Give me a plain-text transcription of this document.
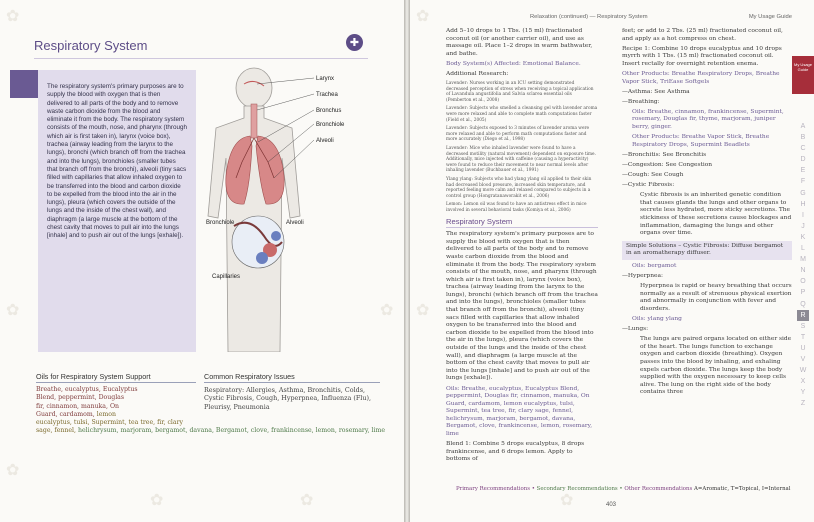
✿
✿
✿
✿
✿	✿
Respiratory System	✚

The respiratory system's primary purposes are to supply the blood with oxygen that is then delivered to all parts of the body and to remove waste carbon dioxide from the blood and eliminate it from the body. The respiratory system consists of the mouth, nose, and pharynx (through which air is first taken in), larynx (voice box), trachea (airway leading from the larynx to the lungs), bronchi (which branch off from the trachea and into the lungs), bronchioles (smaller tubes that branch off from the bronchi), alveoli (tiny sacs filled with capillaries that allow inhaled oxygen to be transferred into the blood and carbon dioxide to be expelled from the blood into the air in the lungs), pleura (which covers the outside of the lungs and the inside of the chest wall), and diaphragm (a large muscle at the bottom of the chest cavity that moves to pull air into the lungs [inhale] and to push air out of the lungs [exhale]).

Larynx
Trachea
Bronchus
Bronchiole
Alveoli
Bronchiole	Alveoli
Capillaries
Oils for Respiratory System Support
Breathe, eucalyptus, Eucalyptus Blend, peppermint, Douglas fir, cinnamon, manuka, On Guard, cardamom, lemon eucalyptus, tulsi, Supermint, tea tree, fir, clary sage, fennel, helichrysum, marjoram, bergamot, davana, Bergamot, clove, frankincense, lemon, rosemary, lime
Common Respiratory Issues
Respiratory: Allergies, Asthma, Bronchitis, Colds, Cystic Fibrosis, Cough, Hyperpnea, Influenza (Flu), Pleurisy, Pneumonia
✿
✿
✿
Relaxation (continued) — Respiratory System	My Usage Guide
My Usage Guide
A
B
C
D
E
F
G
H
I
J
K
L
M
N
O
P
Q
R
S
T
U
V
W
X
Y
Z

Add 5–10 drops to 1 Tbs. (15 ml) fractionated coconut oil (or another carrier oil), and use as massage oil. Place 1–2 drops in warm bathwater, and bathe.

Body System(s) Affected: Emotional Balance.

Additional Research:

Lavender: Nurses working in an ICU setting demonstrated decreased perception of stress when receiving a topical application of Lavandula angustifolia and Salvia sclarea essential oils (Pemberton et al., 2008)

Lavender: Subjects who smelled a cleansing gel with lavender aroma were more relaxed and able to complete math computations faster (Field et al., 2005)

Lavender: Subjects exposed to 3 minutes of lavender aroma were more relaxed and able to perform math computations faster and more accurately (Diego et al., 1998)

Lavender: Mice who inhaled lavender were found to have a decreased motility (natural movement) dependent on exposure time. Additionally, mice injected with caffeine (causing a hyperactivity) were found to reduce their movement to near normal levels after inhaling lavender (Buchbauer et al., 1991)

Ylang ylang: Subjects who had ylang ylang oil applied to their skin had decreased blood pressure, increased skin temperature, and reported feeling more calm and relaxed compared to subjects in a control group (Hongratanaworakit et al., 2006)

Lemon: Lemon oil was found to have an antistress effect in mice involved in several behavioral tasks (Komiya et al., 2006)

Respiratory System

The respiratory system's primary purposes are to supply the blood with oxygen that is then delivered to all parts of the body and to remove waste carbon dioxide from the blood and eliminate it from the body. The respiratory system consists of the mouth, nose, and pharynx (through which air is first taken in), larynx (voice box), trachea (airway leading from the larynx to the lungs), bronchi (which branch off from the trachea and into the lungs), bronchioles (smaller tubes that branch off from the bronchi), alveoli (tiny sacs filled with capillaries that allow inhaled oxygen to be transferred into the blood and carbon dioxide to be expelled from the blood into the air in the lungs), pleura (which covers the outside of the lungs and the inside of the chest wall), and diaphragm (a large muscle at the bottom of the chest cavity that moves to pull air into the lungs [inhale] and to push air out of the lungs [exhale]).

Oils: Breathe, eucalyptus, Eucalyptus Blend, peppermint, Douglas fir, cinnamon, manuka, On Guard, cardamom, lemon eucalyptus, tulsi, Supermint, tea tree, fir, clary sage, fennel, helichrysum, marjoram, bergamot, davana, Bergamot, clove, frankincense, lemon, rosemary, lime

Blend 1: Combine 5 drops eucalyptus, 8 drops frankincense, and 6 drops lemon. Apply to bottoms of

feet; or add to 2 Tbs. (25 ml) fractionated coconut oil, and apply as a hot compress on chest.

Recipe 1: Combine 10 drops eucalyptus and 10 drops myrrh with 1 Tbs. (15 ml) fractionated coconut oil. Insert rectally for overnight retention enema.

Other Products: Breathe Respiratory Drops, Breathe Vapor Stick, TriEase Softgels

—Asthma: See Asthma

—Breathing:

Oils: Breathe, cinnamon, frankincense, Supermint, rosemary, Douglas fir, thyme, marjoram, juniper berry, ginger.

Other Products: Breathe Vapor Stick, Breathe Respiratory Drops, Supermint Beadlets

—Bronchitis: See Bronchitis

—Congestion: See Congestion

—Cough: See Cough

—Cystic Fibrosis:

Cystic fibrosis is an inherited genetic condition that causes glands the lungs and other organs to secrete less hydrated, more sticky secretions. The stickiness of these secretions cause blockages and inflammation, damaging the lungs and other organs over time.

Simple Solutions – Cystic Fibrosis: Diffuse bergamot in an aromatherapy diffuser.

Oils: bergamot

—Hyperpnea:

Hyperpnea is rapid or heavy breathing that occurs normally as a result of strenuous physical exertion and abnormally in conjunction with fever and disorders.

Oils: ylang ylang

—Lungs:

The lungs are paired organs located on either side of the heart. The lungs function to exchange oxygen and carbon dioxide (breathing). Oxygen passes into the blood by inhaling, and exhaling expels carbon dioxide. The lungs keep the body supplied with the oxygen necessary to keep cells alive. The lung on the right side of the body contains three

Primary Recommendations • Secondary Recommendations • Other Recommendations A=Aromatic, T=Topical, I=Internal
403
